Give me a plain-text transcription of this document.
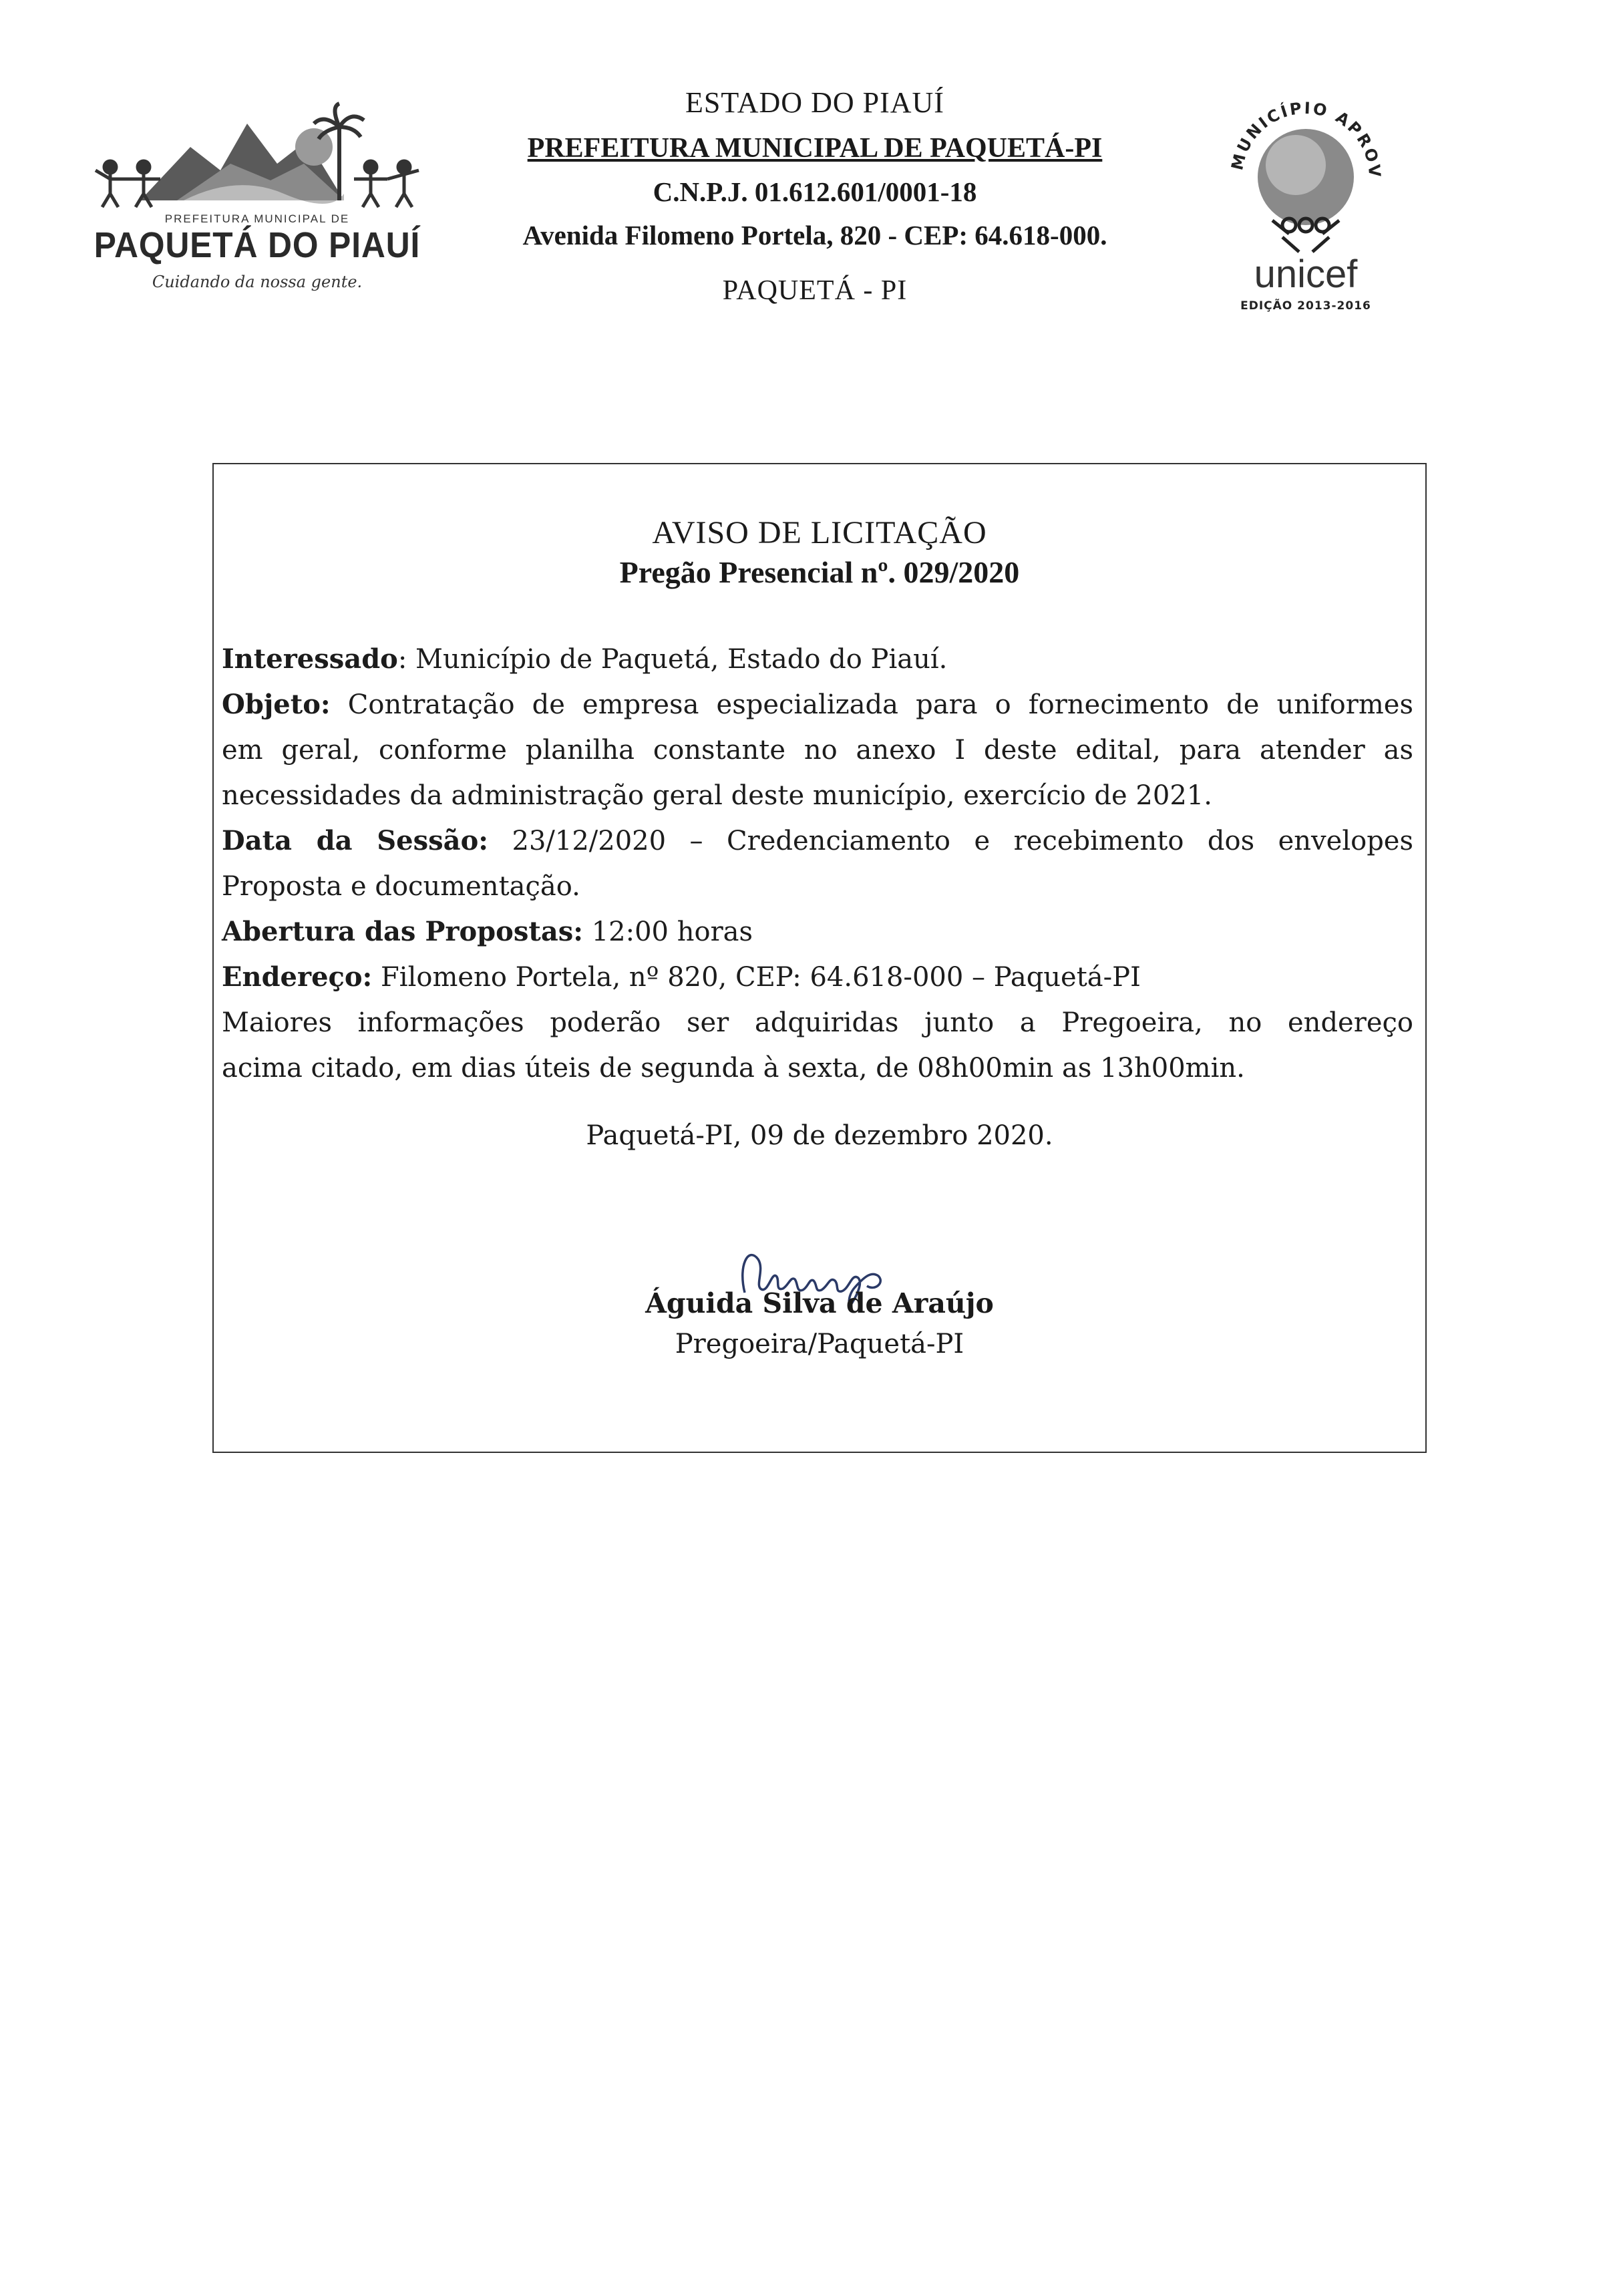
PREFEITURA MUNICIPAL DE
PAQUETÁ DO PIAUÍ
Cuidando da nossa gente.
ESTADO DO PIAUÍ
PREFEITURA MUNICIPAL DE PAQUETÁ-PI
C.N.P.J. 01.612.601/0001-18
Avenida Filomeno Portela, 820 - CEP: 64.618-000.
PAQUETÁ - PI
MUNICÍPIO APROV
unicef
EDIÇÃO 2013-2016
AVISO DE LICITAÇÃO
Pregão Presencial nº. 029/2020
Interessado: Município de Paquetá, Estado do Piauí.
Objeto: Contratação de empresa especializada para o fornecimento de uniformes
em geral, conforme planilha constante no anexo I deste edital, para atender as
necessidades da administração geral deste município, exercício de 2021.
Data da Sessão: 23/12/2020 – Credenciamento e recebimento dos envelopes
Proposta e documentação.
Abertura das Propostas: 12:00 horas
Endereço: Filomeno Portela, nº 820, CEP: 64.618-000 – Paquetá-PI
Maiores informações poderão ser adquiridas junto a Pregoeira, no endereço
acima citado, em dias úteis de segunda à sexta, de 08h00min as 13h00min.
Paquetá-PI, 09 de dezembro 2020.
Águida Silva de Araújo
Pregoeira/Paquetá-PI
